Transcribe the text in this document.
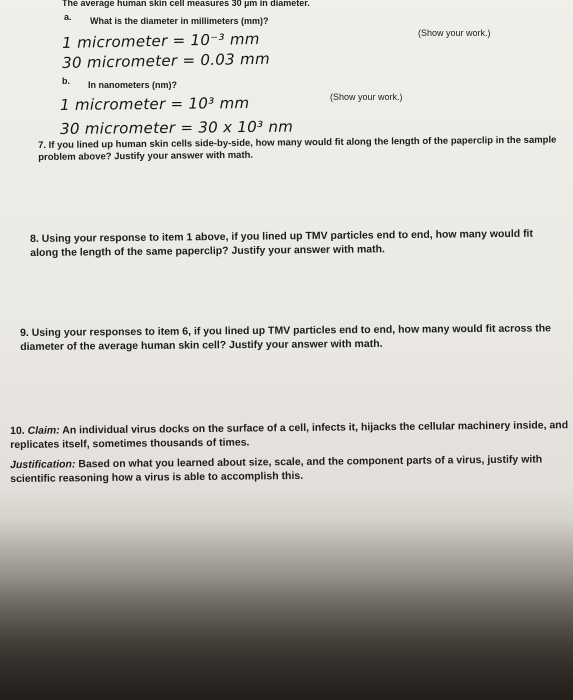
The average human skin cell measures 30 µm in diameter.
a. What is the diameter in millimeters (mm)?
(Show your work.)
1 micrometer = 10⁻³ mm
30 micrometer = 0.03 mm
b. In nanometers (nm)?
(Show your work.)
1 micrometer = 10³ mm
30 micrometer = 30 x 10³ nm
7. If you lined up human skin cells side-by-side, how many would fit along the length of the paperclip in the sample problem above? Justify your answer with math.
8. Using your response to item 1 above, if you lined up TMV particles end to end, how many would fit along the length of the same paperclip? Justify your answer with math.
9. Using your responses to item 6, if you lined up TMV particles end to end, how many would fit across the diameter of the average human skin cell? Justify your answer with math.
10. Claim: An individual virus docks on the surface of a cell, infects it, hijacks the cellular machinery inside, and replicates itself, sometimes thousands of times.
Justification: Based on what you learned about size, scale, and the component parts of a virus, justify with scientific reasoning how a virus is able to accomplish this.
